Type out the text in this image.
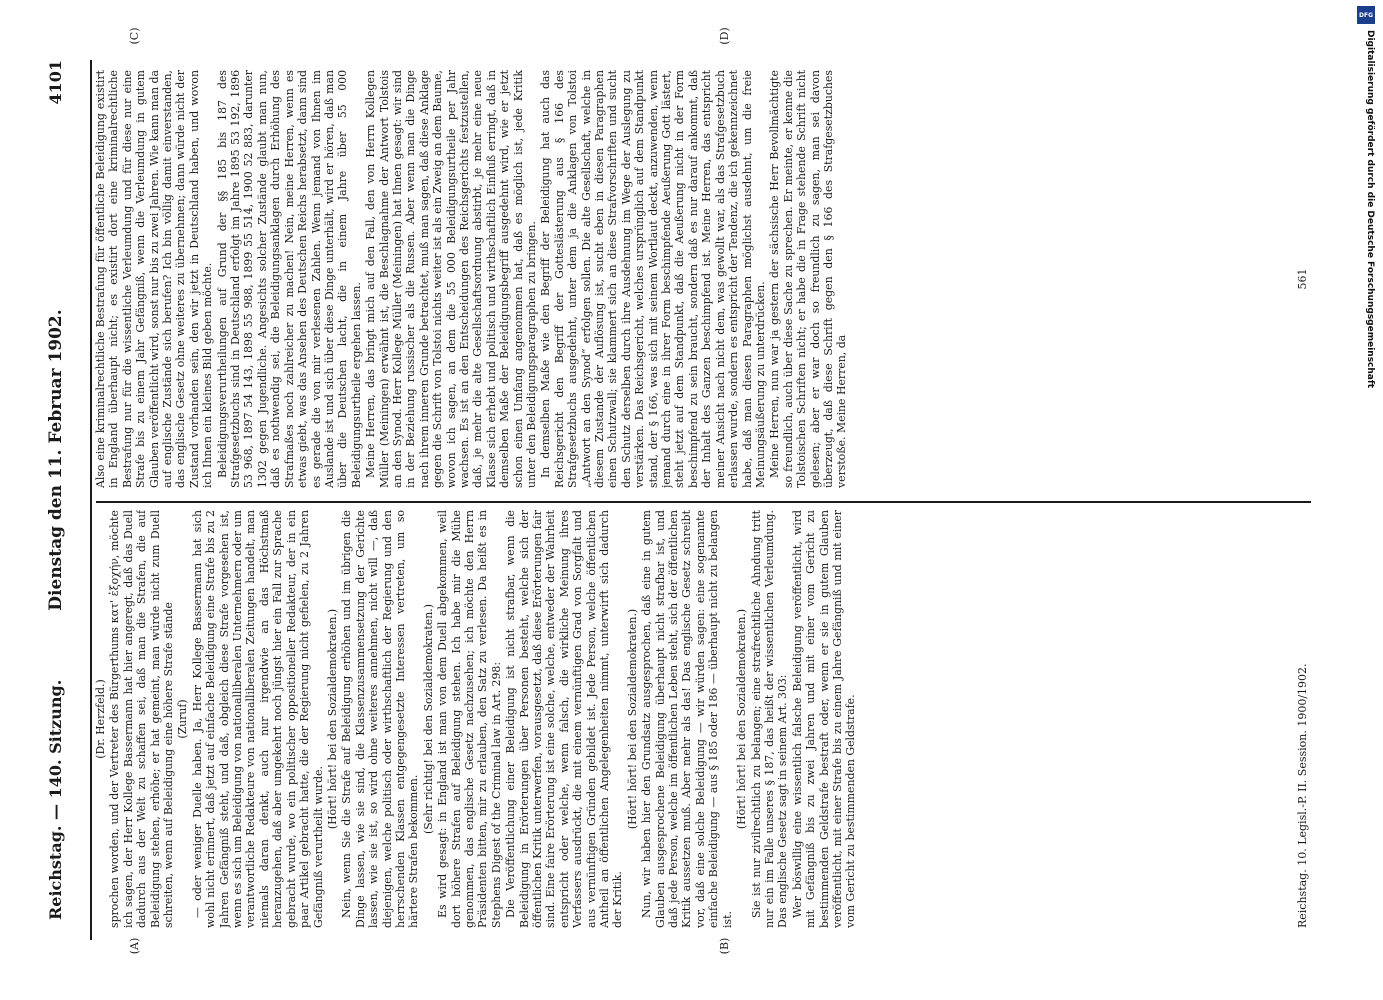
Reichstag. — 140. Sitzung.
Dienstag den 11. Februar 1902.
4101
(A)	(B)
(C)	(D)

(Dr. Herzfeld.) sprochen worden, und der Vertreter des Bürgerthums κατ' ἐξοχήν, möchte ich sagen, der Herr Kollege Bassermann hat hier angeregt, daß das Duell dadurch aus der Welt zu schaffen sei, daß man die Strafen, die auf Beleidigung stehen, erhöhe; er hat gemeint, man würde nicht zum Duell schreiten, wenn auf Beleidigung eine höhere Strafe stände (Zuruf) — oder weniger Duelle haben. Ja, Herr Kollege Bassermann hat sich wohl nicht erinnert, daß jetzt auf einfache Beleidigung eine Strafe bis zu 2 Jahren Gefängniß steht, und daß, obgleich diese Strafe vorgesehen ist, wenn es sich um Beleidigung von nationalliberalen Unternehmern oder um verantwortliche Redakteure von nationalliberalen Zeitungen handelt, man niemals daran denkt, auch nur irgendwie an das Höchstmaß heranzugehen, daß aber umgekehrt noch jüngst hier ein Fall zur Sprache gebracht wurde, wo ein politischer oppositioneller Redakteur, der in ein paar Artikel gebracht hatte, die der Regierung nicht gefielen, zu 2 Jahren Gefängniß verurtheilt wurde.

(Hört! hört! bei den Sozialdemokraten.) Nein, wenn Sie die Strafe auf Beleidigung erhöhen und im übrigen die Dinge lassen, wie sie sind, die Klassenzusammensetzung der Gerichte lassen, wie sie ist, so wird ohne weiteres annehmen, nicht will —, daß diejenigen, welche politisch oder wirthschaftlich der Regierung und den herrschenden Klassen entgegengesetzte Interessen vertreten, um so härtere Strafen bekommen.

(Sehr richtig! bei den Sozialdemokraten.) Es wird gesagt: in England ist man von dem Duell abgekommen, weil dort höhere Strafen auf Beleidigung stehen. Ich habe mir die Mühe genommen, das englische Gesetz nachzusehen; ich möchte den Herrn Präsidenten bitten, mir zu erlauben, den Satz zu verlesen. Da heißt es in Stephens Digest of the Criminal law in Art. 298: Die Veröffentlichung einer Beleidigung ist nicht strafbar, wenn die Beleidigung in Erörterungen über Personen besteht, welche sich der öffentlichen Kritik unterwerfen, vorausgesetzt, daß diese Erörterungen fair sind. Eine faire Erörterung ist eine solche, welche, entweder der Wahrheit entspricht oder welche, wenn falsch, die wirkliche Meinung ihres Verfassers ausdrückt, die mit einem vernünftigen Grad von Sorgfalt und aus vernünftigen Gründen gebildet ist. Jede Person, welche öffentlichen Antheil an öffentlichen Angelegenheiten nimmt, unterwirft sich dadurch der Kritik.

(Hört! hört! bei den Sozialdemokraten.) Nun, wir haben hier den Grundsatz ausgesprochen, daß eine in gutem Glauben ausgesprochene Beleidigung überhaupt nicht strafbar ist, und daß jede Person, welche im öffentlichen Leben steht, sich der öffentlichen Kritik aussetzen muß. Aber mehr als das! Das englische Gesetz schreibt vor, daß eine solche Beleidigung — wir würden sagen: eine sogenannte einfache Beleidigung — aus § 185 oder 186 — überhaupt nicht zu belangen ist.

(Hört! hört! bei den Sozialdemokraten.) Sie ist nur zivilrechtlich zu belangen; eine strafrechtliche Ahndung tritt nur ein im Falle unseres § 187, das heißt der wissentlichen Verleumdung. Das englische Gesetz sagt in seinem Art. 303: Wer böswillig eine wissentlich falsche Beleidigung veröffentlicht, wird mit Gefängniß bis zu zwei Jahren und mit einer vom Gericht zu bestimmenden Geldstrafe bestraft oder, wenn er sie in gutem Glauben veröffentlicht, mit einer Strafe bis zu einem Jahre Gefängniß und mit einer vom Gericht zu bestimmenden Geldstrafe.

Also eine kriminalrechtliche Bestrafung für öffentliche Beleidigung existirt in England überhaupt nicht; es existirt dort eine kriminalrechtliche Bestrafung nur für die wissentliche Verleumdung und für diese nur eine Strafe bis zu einem Jahr Gefängniß, wenn die Verleumdung in gutem Glauben veröffentlicht wird, sonst nur bis zu zwei Jahren. Wie kann man da auf englische Zustände sich berufen? Ich bin völlig damit einverstanden, das englische Gesetz ohne weiteres zu übernehmen; dann würde nicht der Zustand vorhanden sein, den wir jetzt in Deutschland haben, und wovon ich Ihnen ein kleines Bild geben möchte. Beleidigungsverurtheilungen auf Grund der §§ 185 bis 187 des Strafgesetzbuchs sind in Deutschland erfolgt im Jahre 1895 53 192, 1896 53 968, 1897 54 143, 1898 55 988, 1899 55 514, 1900 52 883, darunter 1302 gegen Jugendliche. Angesichts solcher Zustände glaubt man nun, daß es nothwendig sei, die Beleidigungsanklagen durch Erhöhung des Strafmaßes noch zahlreicher zu machen! Nein, meine Herren, wenn es etwas giebt, was das Ansehen des Deutschen Reichs herabsetzt, dann sind es gerade die von mir verlesenen Zahlen. Wenn jemand von Ihnen im Auslande ist und sich über diese Dinge unterhält, wird er hören, daß man über die Deutschen lacht, die in einem Jahre über 55 000 Beleidigungsurtheile ergehen lassen. Meine Herren, das bringt mich auf den Fall, den von Herrn Kollegen Müller (Meiningen) erwähnt ist, die Beschlagnahme der Antwort Tolstois an den Synod. Herr Kollege Müller (Meiningen) hat Ihnen gesagt: wir sind in der Beziehung russischer als die Russen. Aber wenn man die Dinge nach ihrem inneren Grunde betrachtet, muß man sagen, daß diese Anklage gegen die Schrift von Tolstoi nichts weiter ist als ein Zweig an dem Baume, wovon ich sagen, an dem die 55 000 Beleidigungsurtheile per Jahr wachsen. Es ist an den Entscheidungen des Reichsgerichts festzustellen, daß, je mehr die alte Gesellschaftsordnung abstirbt, je mehr eine neue Klasse sich erhebt und politisch und wirthschaftlich Einfluß erringt, daß in demselben Maße der Beleidigungsbegriff ausgedehnt wird, wie er jetzt schon einen Umfang angenommen hat, daß es möglich ist, jede Kritik unter den Beleidigungsparagraphen zu bringen. In demselben Maße wie den Begriff der Beleidigung hat auch das Reichsgericht den Begriff der Gotteslästerung aus § 166 des Strafgesetzbuchs ausgedehnt, unter dem ja die Anklagen von Tolstoi „Antwort an den Synod“ erfolgen sollen. Die alte Gesellschaft, welche in diesem Zustande der Auflösung ist, sucht eben in diesen Paragraphen einen Schutzwall; sie klammert sich an diese Strafvorschriften und sucht den Schutz derselben durch ihre Ausdehnung im Wege der Auslegung zu verstärken. Das Reichsgericht, welches ursprünglich auf dem Standpunkt stand, der § 166, was sich mit seinem Wortlaut deckt, anzuwenden, wenn jemand durch eine in ihrer Form beschimpfende Aeußerung Gott lästert, steht jetzt auf dem Standpunkt, daß die Aeußerung nicht in der Form beschimpfend zu sein braucht, sondern daß es nur darauf ankommt, daß der Inhalt des Ganzen beschimpfend ist. Meine Herren, das entspricht meiner Ansicht nach nicht dem, was gewollt war, als das Strafgesetzbuch erlassen wurde, sondern es entspricht der Tendenz, die ich gekennzeichnet habe, daß man diesen Paragraphen möglichst ausdehnt, um die freie Meinungsäußerung zu unterdrücken. Meine Herren, nun war ja gestern der sächsische Herr Bevollmächtigte so freundlich, auch über diese Sache zu sprechen. Er meinte, er kenne die Tolstoischen Schriften nicht; er habe die in Frage stehende Schrift nicht gelesen; aber er war doch so freundlich zu sagen, man sei davon überzeugt, daß diese Schrift gegen den § 166 des Strafgesetzbuches verstoße. Meine Herren, da

Reichstag. 10. Legisl.-P. II. Session. 1900/1902.
561
DFG
Digitalisierung gefördert durch die Deutsche Forschungsgemeinschaft
